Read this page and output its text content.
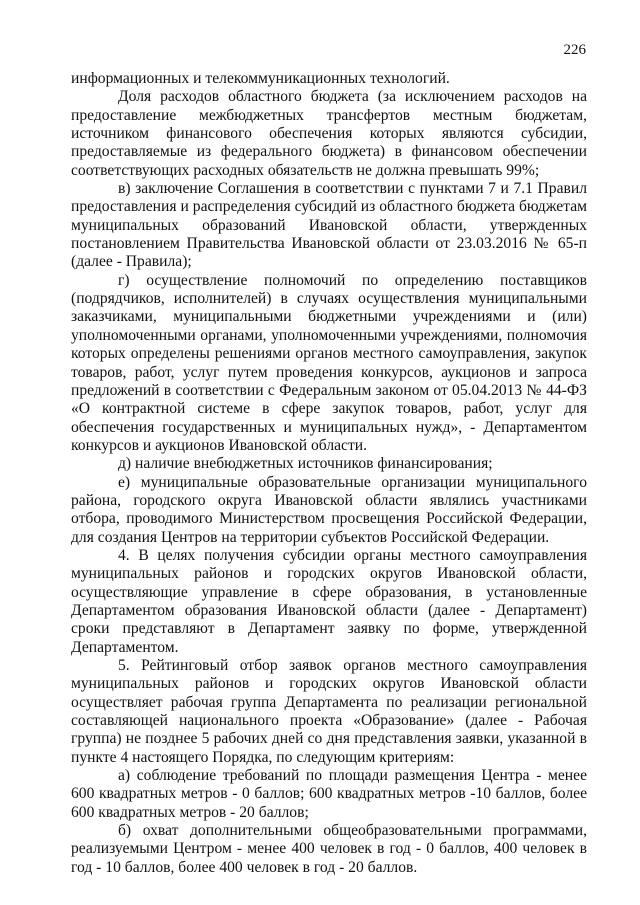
226

информационных и телекоммуникационных технологий.

Доля расходов областного бюджета (за исключением расходов на предоставление межбюджетных трансфертов местным бюджетам, источником финансового обеспечения которых являются субсидии, предоставляемые из федерального бюджета) в финансовом обеспечении соответствующих расходных обязательств не должна превышать 99%;

в) заключение Соглашения в соответствии с пунктами 7 и 7.1 Правил предоставления и распределения субсидий из областного бюджета бюджетам муниципальных образований Ивановской области, утвержденных постановлением Правительства Ивановской области от 23.03.2016 № 65-п (далее - Правила);

г) осуществление полномочий по определению поставщиков (подрядчиков, исполнителей) в случаях осуществления муниципальными заказчиками, муниципальными бюджетными учреждениями и (или) уполномоченными органами, уполномоченными учреждениями, полномочия которых определены решениями органов местного самоуправления, закупок товаров, работ, услуг путем проведения конкурсов, аукционов и запроса предложений в соответствии с Федеральным законом от 05.04.2013 № 44-ФЗ «О контрактной системе в сфере закупок товаров, работ, услуг для обеспечения государственных и муниципальных нужд», - Департаментом конкурсов и аукционов Ивановской области.

д) наличие внебюджетных источников финансирования;

е) муниципальные образовательные организации муниципального района, городского округа Ивановской области являлись участниками отбора, проводимого Министерством просвещения Российской Федерации, для создания Центров на территории субъектов Российской Федерации.

4. В целях получения субсидии органы местного самоуправления муниципальных районов и городских округов Ивановской области, осуществляющие управление в сфере образования, в установленные Департаментом образования Ивановской области (далее - Департамент) сроки представляют в Департамент заявку по форме, утвержденной Департаментом.

5. Рейтинговый отбор заявок органов местного самоуправления муниципальных районов и городских округов Ивановской области осуществляет рабочая группа Департамента по реализации региональной составляющей национального проекта «Образование» (далее - Рабочая группа) не позднее 5 рабочих дней со дня представления заявки, указанной в пункте 4 настоящего Порядка, по следующим критериям:

а) соблюдение требований по площади размещения Центра - менее 600 квадратных метров - 0 баллов; 600 квадратных метров -10 баллов, более 600 квадратных метров - 20 баллов;

б) охват дополнительными общеобразовательными программами, реализуемыми Центром - менее 400 человек в год - 0 баллов, 400 человек в год - 10 баллов, более 400 человек в год - 20 баллов.
